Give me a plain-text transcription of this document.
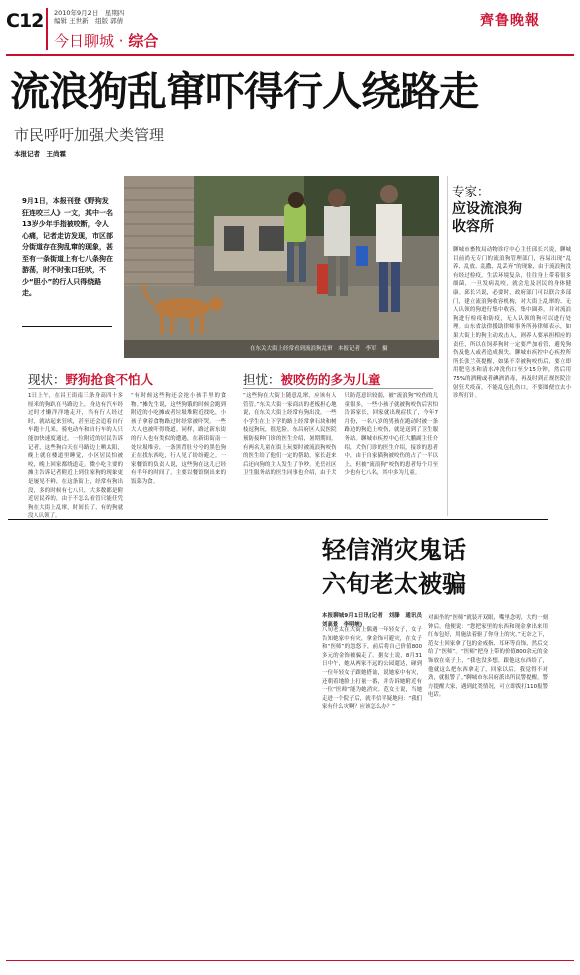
C12 2010年9月2日　星期四
编辑 王世新　组版 郭倩
今日聊城 · 综合
齊鲁晚報
流浪狗乱窜吓得行人绕路走
市民呼吁加强犬类管理
本报记者　王尚霖
9月1日，本报刊登《野狗发狂连咬三人》一文，其中一名13岁少年手指被咬断，令人心痛，记者走访发现，市区部分街道存在狗乱窜的现象，甚至有一条街道上有七八条狗在游荡，时不时张口狂吠，不少“胆小”的行人只得绕路走。
在东关大街上经常看到流浪狗乱窜　本报记者　李军　摄
专家：
应设流浪狗
收容所
聊城市畜牧局动物诊疗中心主任邱长兴说，聊城目前尚无专门的流浪狗管理部门，容易出现“乱养、乱放、乱撒、乱丢弃”的现象，由于流浪狗没有经过检疫，生活环境复杂，往往身上带着很多细菌，一旦发病乱咬，就会危及居民的身体健康。邱长兴说，必要时，政府部门可以联合多部门，建立流浪狗收容机构，对大街上乱窜的、无人认领的狗进行集中收容，集中圈养，并对流浪狗进行检疫和防疫，无人认领的狗可以进行处理。山东省法律援助律师事务所孙律师表示，如果大街上的狗主动攻击人，则养人要承担相应的责任，所以在饲养狗时一定要严加看管，避免狗伤及他人或者造成损失。聊城市疾控中心疾控所所长张兰英提醒，如果不幸被狗咬伤后，要立即用肥皂水和清水冲洗伤口至少15分钟，然后用75%的酒精或者碘酒消毒，再及时到正规医院注射狂犬疫苗，不能乱包扎伤口，不要图便宜去小诊所打针。
现状：野狗抢食不怕人
1日上午，在昌王街南三条身高四十多厘米的狗趴在马路边上，身边有汽车经过时才懒洋洋地走开，当有行人经过时，就站起来狂吠，甚至还会追着自行车跑十几米，骑电动车和自行车的人只能加快速度通过。一位附近的居民告诉记者，这些狗白天在马路边上晒太阳，晚上就在楼道里睡觉，小区居民怕被咬，晚上回家都绕道走。微小吃主要的摊主告诉记者附近上到住家狗的现象更是屡见不鲜，在这条街上，经常有狗出没，多的时候有七八只，大多数都是附近居民养的，由于不怎么看管只能任凭狗在大街上乱窜，时间长了，有的狗就没人认领了。
“有时候这些狗还会抢小孩手里的食物。”摊先生说，这些狗饿的时候会跑到附近的小吃摊或者垃圾堆附近找吃，小孩子拿着食物路过时经常被吓哭。一些大人也被吓得绕道。同样，路过新东街的行人也有类似的遭遇，在新街街南一处垃圾堆旁，一条黑背肚兮兮的黑色狗正在找东西吃，行人见了纷纷避之。一家餐馆的负责人说，这些狗在这儿已经有半年的时间了，主要以餐馆倒出来的饭菜为食。
担忧：被咬伤的多为儿童
“这些狗在大街上随意乱窜，应该有人管管。”东关大街一家商店的老板担心地说，在东关大街上经常有狗出没，一些小学生在上下学的路上经常拿石块和树枝逗狗玩，很危险。东昌府区人民医院预防接种门诊的医生介绍，暑期期间，有两名儿童在街上玩耍时被流浪狗咬伤的医生给了他们一定的帮助，家长赶来后还向狗的主人发生了争吵。光岳社区卫生服务站的医生同事也介绍，由于犬只防范意识较弱，被“流浪狗”咬伤的儿童很多，一些小孩子就被狗咬伤后害怕告诉家长，回家就出现症状了，今年7月份，一名八岁的男孩在跑动时被一条路边的狗追上咬伤，就是送到了卫生服务站。聊城市疾控中心任大鹏副主任介绍，犬伤门诊的医生介绍，接诊的患者中，由于自家猫狗被咬伤的占了一半以上，但被“流浪狗”咬伤的患者每个月至少也有七八名，其中多为儿童。
轻信消灾鬼话
六旬老太被骗
本报聊城9月1日讯(记者　刘滕　通讯员　刘高景　李明峡)
八旬老太在大街上偶遇一年轻女子，女子告知她家中有灾，拿金饰可避灾，在女子和“医师”的忽悠下，前后将自己价值800多元的金饰被骗走了。据女士说，8月31日中午，她从两家不远的公园遛达，碰到一位年轻女子跟她搭讪，说她家中有灾，还朝着地脸上打量一番，并告诉她附近有一位“医师”能为她消灾。范女士说，当她走进一个院子后，就半信半疑地问：“我们家有什么灾啊？应该怎么办？”
对面坐的“医师”就装开双眼，嘴里念叨，大约一刻钟后，他便说：“您把家里的东西和现金拿出来用红布包好，用施法着驱了你身上的灾。”无奈之下，范女士回家拿了包的金戒指、耳环等首饰，然后交给了“医师”。“医师”把身上带的价值800余元的金饰放在桌子上，“我也没多想，跟他这东西给了，他就这么把东西拿走了，回家以后，我觉得不对劲，就报警了。”聊城市东昌府派出所民警提醒，警方提醒大家，遇到此类情况，可立即拨打110报警电话。
